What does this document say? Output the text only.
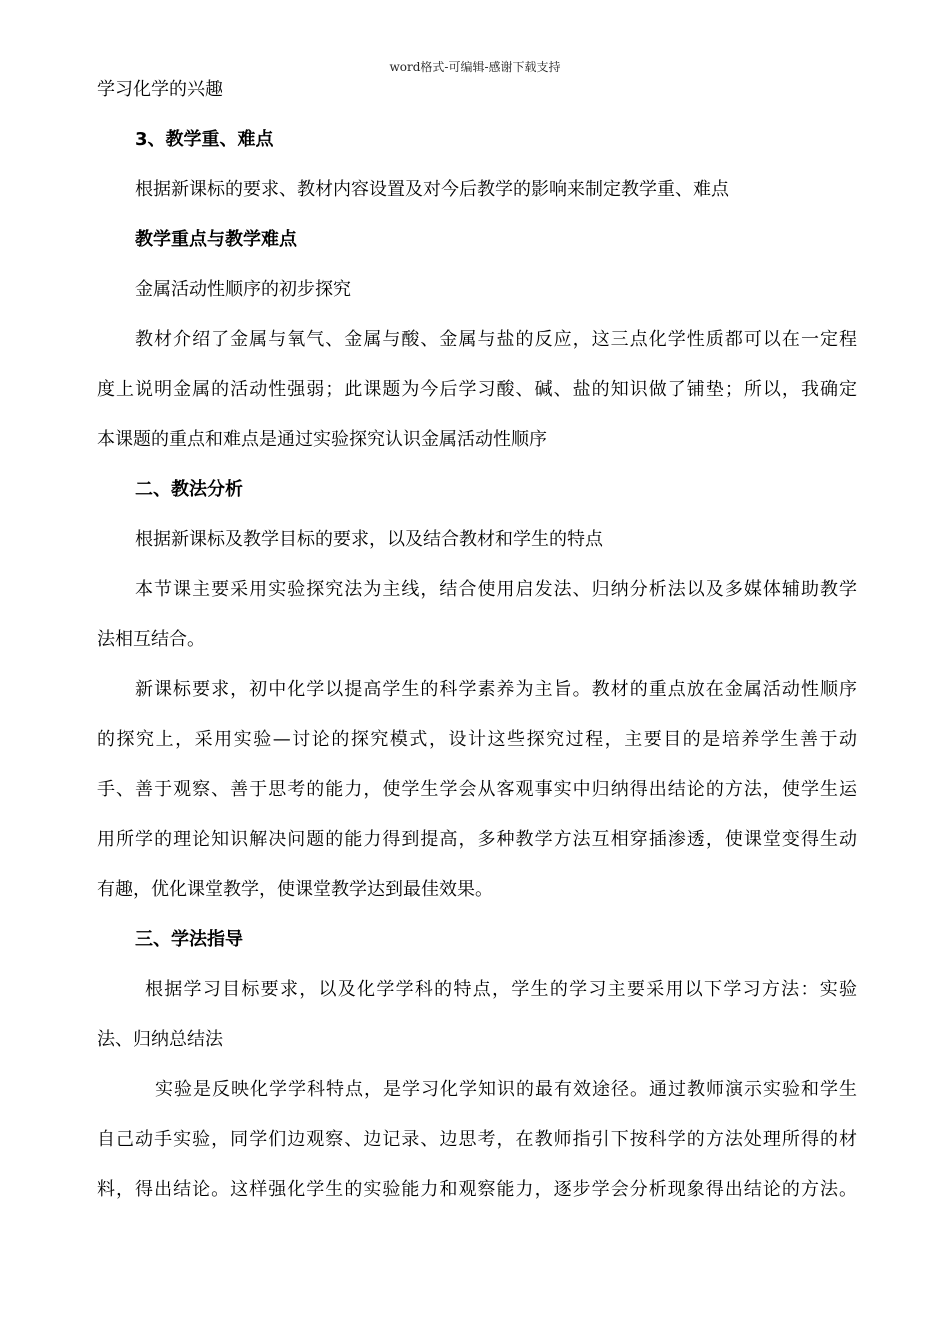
word格式-可编辑-感谢下载支持
学习化学的兴趣
3、教学重、难点
根据新课标的要求、教材内容设置及对今后教学的影响来制定教学重、难点
教学重点与教学难点
金属活动性顺序的初步探究
教材介绍了金属与氧气、金属与酸、金属与盐的反应，这三点化学性质都可以在一定程
度上说明金属的活动性强弱；此课题为今后学习酸、碱、盐的知识做了铺垫；所以，我确定
本课题的重点和难点是通过实验探究认识金属活动性顺序
二、教法分析
根据新课标及教学目标的要求，以及结合教材和学生的特点
本节课主要采用实验探究法为主线，结合使用启发法、归纳分析法以及多媒体辅助教学
法相互结合。
新课标要求，初中化学以提高学生的科学素养为主旨。教材的重点放在金属活动性顺序
的探究上，采用实验—讨论的探究模式，设计这些探究过程，主要目的是培养学生善于动
手、善于观察、善于思考的能力，使学生学会从客观事实中归纳得出结论的方法，使学生运
用所学的理论知识解决问题的能力得到提高，多种教学方法互相穿插渗透，使课堂变得生动
有趣，优化课堂教学，使课堂教学达到最佳效果。
三、学法指导
根据学习目标要求，以及化学学科的特点，学生的学习主要采用以下学习方法：实验
法、归纳总结法
实验是反映化学学科特点，是学习化学知识的最有效途径。通过教师演示实验和学生
自己动手实验，同学们边观察、边记录、边思考，在教师指引下按科学的方法处理所得的材
料，得出结论。这样强化学生的实验能力和观察能力，逐步学会分析现象得出结论的方法。
